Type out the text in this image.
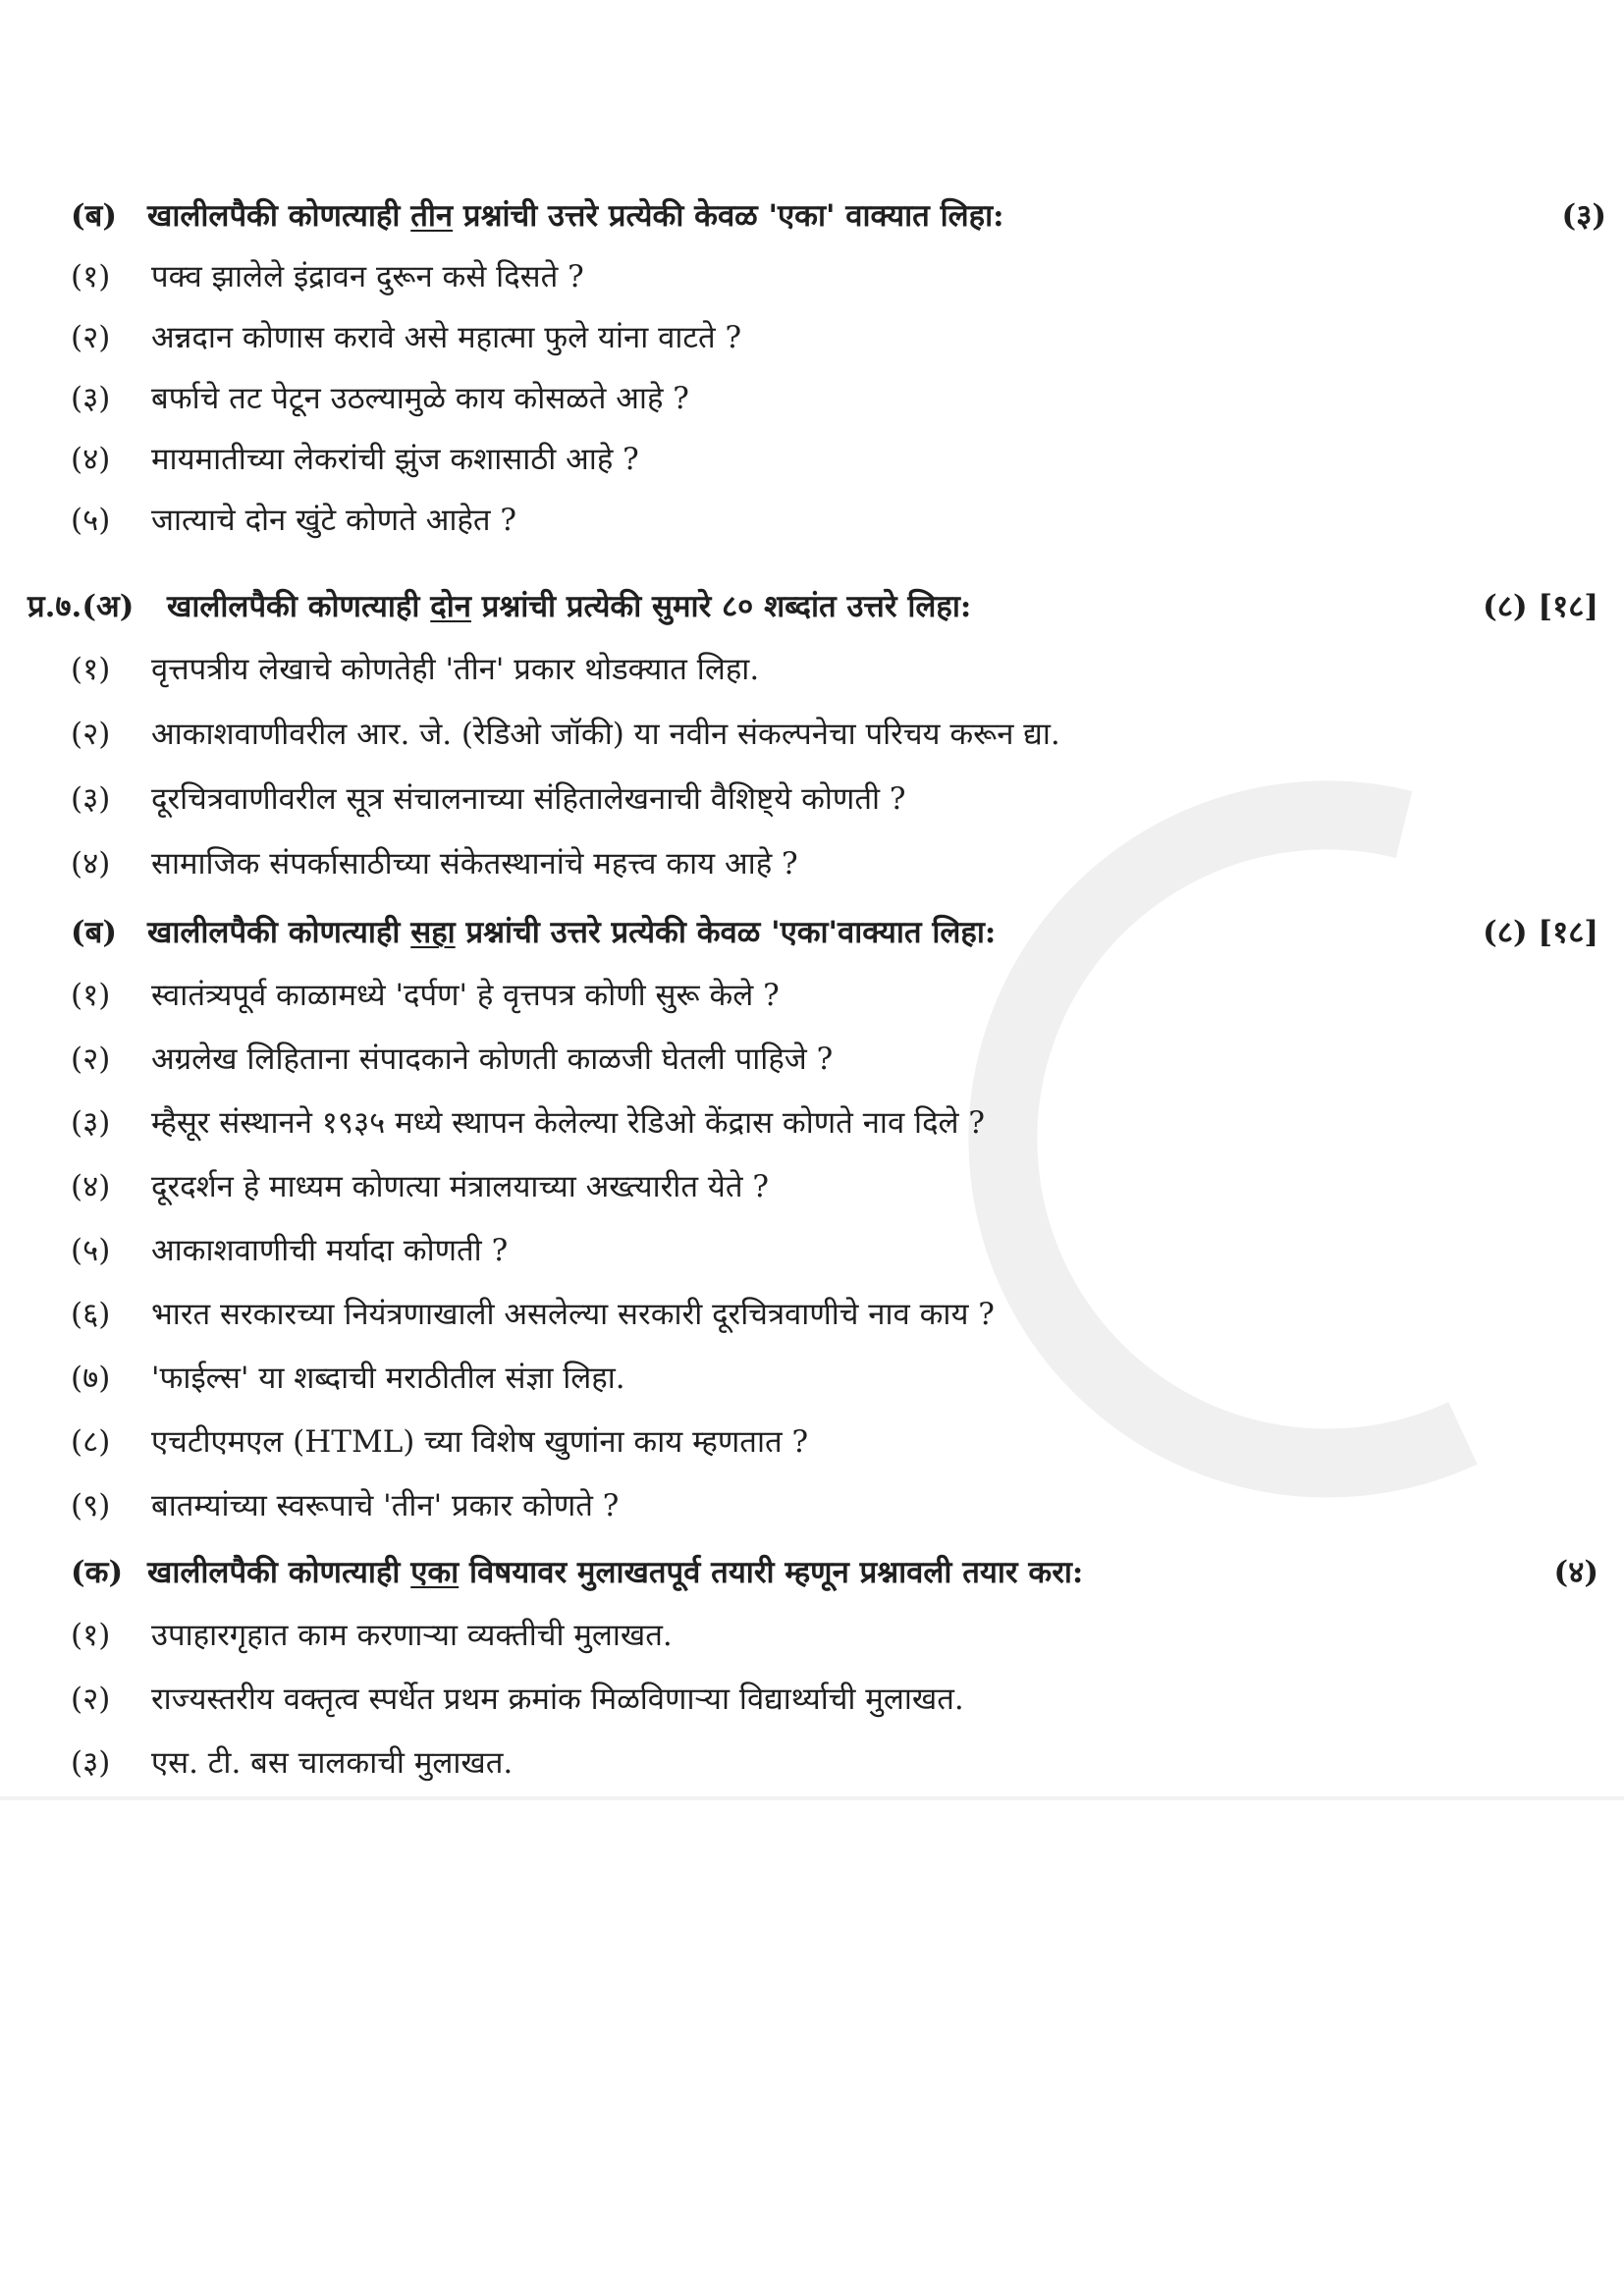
(ब) खालीलपैकी कोणत्याही तीन प्रश्नांची उत्तरे प्रत्येकी केवळ 'एका' वाक्यात लिहा:	(३)
(१)	पक्व झालेले इंद्रावन दुरून कसे दिसते ?
(२)	अन्नदान कोणास करावे असे महात्मा फुले यांना वाटते ?
(३)	बर्फाचे तट पेटून उठल्यामुळे काय कोसळते आहे ?
(४)	मायमातीच्या लेकरांची झुंज कशासाठी आहे ?
(५)	जात्याचे दोन खुंटे कोणते आहेत ?
प्र.७.(अ) खालीलपैकी कोणत्याही दोन प्रश्नांची प्रत्येकी सुमारे ८० शब्दांत उत्तरे लिहा:	(८) [१८]
(१)	वृत्तपत्रीय लेखाचे कोणतेही 'तीन' प्रकार थोडक्यात लिहा.
(२)	आकाशवाणीवरील आर. जे. (रेडिओ जॉकी) या नवीन संकल्पनेचा परिचय करून द्या.
(३)	दूरचित्रवाणीवरील सूत्र संचालनाच्या संहितालेखनाची वैशिष्ट्ये कोणती ?
(४)	सामाजिक संपर्कासाठीच्या संकेतस्थानांचे महत्त्व काय आहे ?
(ब) खालीलपैकी कोणत्याही सहा प्रश्नांची उत्तरे प्रत्येकी केवळ 'एका'वाक्यात लिहा:	(८) [१८]
(१)	स्वातंत्र्यपूर्व काळामध्ये 'दर्पण' हे वृत्तपत्र कोणी सुरू केले ?
(२)	अग्रलेख लिहिताना संपादकाने कोणती काळजी घेतली पाहिजे ?
(३)	म्हैसूर संस्थानने १९३५ मध्ये स्थापन केलेल्या रेडिओ केंद्रास कोणते नाव दिले ?
(४)	दूरदर्शन हे माध्यम कोणत्या मंत्रालयाच्या अख्त्यारीत येते ?
(५)	आकाशवाणीची मर्यादा कोणती ?
(६)	भारत सरकारच्या नियंत्रणाखाली असलेल्या सरकारी दूरचित्रवाणीचे नाव काय ?
(७)	'फाईल्स' या शब्दाची मराठीतील संज्ञा लिहा.
(८)	एचटीएमएल (HTML) च्या विशेष खुणांना काय म्हणतात ?
(९)	बातम्यांच्या स्वरूपाचे 'तीन' प्रकार कोणते ?
(क) खालीलपैकी कोणत्याही एका विषयावर मुलाखतपूर्व तयारी म्हणून प्रश्नावली तयार करा:	(४)
(१)	उपाहारगृहात काम करणाऱ्या व्यक्तीची मुलाखत.
(२)	राज्यस्तरीय वक्तृत्व स्पर्धेत प्रथम क्रमांक मिळविणाऱ्या विद्यार्थ्याची मुलाखत.
(३)	एस. टी. बस चालकाची मुलाखत.
